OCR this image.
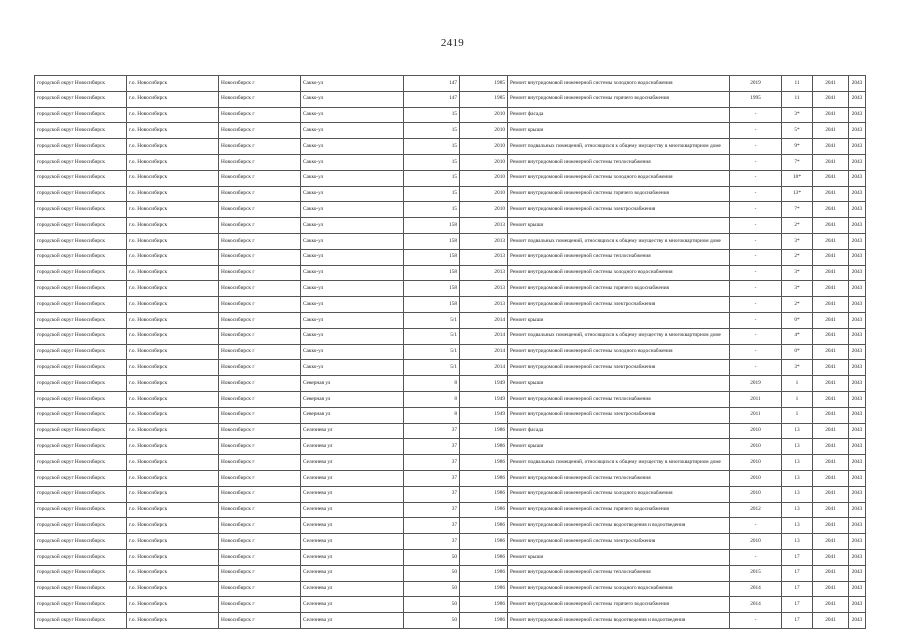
2419
городской округ Новосибирск	г.о. Новосибирск	Новосибирск г	Сакко-ул	147	1985	Ремонт внутридомовой инженерной системы холодного водоснабжения	2019	11	2041	2043
городской округ Новосибирск	г.о. Новосибирск	Новосибирск г	Сакко-ул	147	1985	Ремонт внутридомовой инженерной системы горячего водоснабжения	1995	11	2041	2043
городской округ Новосибирск	г.о. Новосибирск	Новосибирск г	Сакко-ул	15	2010	Ремонт фасада	-	3*	2041	2043
городской округ Новосибирск	г.о. Новосибирск	Новосибирск г	Сакко-ул	15	2010	Ремонт крыши	-	5*	2041	2043
городской округ Новосибирск	г.о. Новосибирск	Новосибирск г	Сакко-ул	15	2010	Ремонт подвальных помещений, относящихся к общему имуществу в многоквартирном доме	-	9*	2041	2043
городской округ Новосибирск	г.о. Новосибирск	Новосибирск г	Сакко-ул	15	2010	Ремонт внутридомовой инженерной системы теплоснабжения	-	7*	2041	2043
городской округ Новосибирск	г.о. Новосибирск	Новосибирск г	Сакко-ул	15	2010	Ремонт внутридомовой инженерной системы холодного водоснабжения	-	10*	2041	2043
городской округ Новосибирск	г.о. Новосибирск	Новосибирск г	Сакко-ул	15	2010	Ремонт внутридомовой инженерной системы горячего водоснабжения	-	13*	2041	2043
городской округ Новосибирск	г.о. Новосибирск	Новосибирск г	Сакко-ул	15	2010	Ремонт внутридомовой инженерной системы электроснабжения	-	7*	2041	2043
городской округ Новосибирск	г.о. Новосибирск	Новосибирск г	Сакко-ул	158	2013	Ремонт крыши	-	2*	2041	2043
городской округ Новосибирск	г.о. Новосибирск	Новосибирск г	Сакко-ул	158	2013	Ремонт подвальных помещений, относящихся к общему имуществу в многоквартирном доме	-	3*	2041	2043
городской округ Новосибирск	г.о. Новосибирск	Новосибирск г	Сакко-ул	158	2013	Ремонт внутридомовой инженерной системы теплоснабжения	-	2*	2041	2043
городской округ Новосибирск	г.о. Новосибирск	Новосибирск г	Сакко-ул	158	2013	Ремонт внутридомовой инженерной системы холодного водоснабжения	-	3*	2041	2043
городской округ Новосибирск	г.о. Новосибирск	Новосибирск г	Сакко-ул	158	2013	Ремонт внутридомовой инженерной системы горячего водоснабжения	-	3*	2041	2043
городской округ Новосибирск	г.о. Новосибирск	Новосибирск г	Сакко-ул	158	2013	Ремонт внутридомовой инженерной системы электроснабжения	-	2*	2041	2043
городской округ Новосибирск	г.о. Новосибирск	Новосибирск г	Сакко-ул	5/1	2014	Ремонт крыши	-	0*	2041	2043
городской округ Новосибирск	г.о. Новосибирск	Новосибирск г	Сакко-ул	5/1	2014	Ремонт подвальных помещений, относящихся к общему имуществу в многоквартирном доме	-	4*	2041	2043
городской округ Новосибирск	г.о. Новосибирск	Новосибирск г	Сакко-ул	5/1	2014	Ремонт внутридомовой инженерной системы холодного водоснабжения	-	0*	2041	2043
городской округ Новосибирск	г.о. Новосибирск	Новосибирск г	Сакко-ул	5/1	2014	Ремонт внутридомовой инженерной системы электроснабжения	-	3*	2041	2043
городской округ Новосибирск	г.о. Новосибирск	Новосибирск г	Северная ул	8	1949	Ремонт крыши	2019	1	2041	2043
городской округ Новосибирск	г.о. Новосибирск	Новосибирск г	Северная ул	8	1949	Ремонт внутридомовой инженерной системы теплоснабжения	2011	1	2041	2043
городской округ Новосибирск	г.о. Новосибирск	Новосибирск г	Северная ул	8	1949	Ремонт внутридомовой инженерной системы электроснабжения	2011	1	2041	2043
городской округ Новосибирск	г.о. Новосибирск	Новосибирск г	Селезнева ул	37	1986	Ремонт фасада	2010	13	2041	2043
городской округ Новосибирск	г.о. Новосибирск	Новосибирск г	Селезнева ул	37	1986	Ремонт крыши	2010	13	2041	2043
городской округ Новосибирск	г.о. Новосибирск	Новосибирск г	Селезнева ул	37	1986	Ремонт подвальных помещений, относящихся к общему имуществу в многоквартирном доме	2010	13	2041	2043
городской округ Новосибирск	г.о. Новосибирск	Новосибирск г	Селезнева ул	37	1986	Ремонт внутридомовой инженерной системы теплоснабжения	2010	13	2041	2043
городской округ Новосибирск	г.о. Новосибирск	Новосибирск г	Селезнева ул	37	1986	Ремонт внутридомовой инженерной системы холодного водоснабжения	2010	13	2041	2043
городской округ Новосибирск	г.о. Новосибирск	Новосибирск г	Селезнева ул	37	1986	Ремонт внутридомовой инженерной системы горячего водоснабжения	2012	13	2041	2043
городской округ Новосибирск	г.о. Новосибирск	Новосибирск г	Селезнева ул	37	1986	Ремонт внутридомовой инженерной системы водоотведения и водоотведения	-	13	2041	2043
городской округ Новосибирск	г.о. Новосибирск	Новосибирск г	Селезнева ул	37	1986	Ремонт внутридомовой инженерной системы электроснабжения	2010	13	2041	2043
городской округ Новосибирск	г.о. Новосибирск	Новосибирск г	Селезнева ул	50	1986	Ремонт крыши	-	17	2041	2043
городской округ Новосибирск	г.о. Новосибирск	Новосибирск г	Селезнева ул	50	1986	Ремонт внутридомовой инженерной системы теплоснабжения	2015	17	2041	2043
городской округ Новосибирск	г.о. Новосибирск	Новосибирск г	Селезнева ул	50	1986	Ремонт внутридомовой инженерной системы холодного водоснабжения	2014	17	2041	2043
городской округ Новосибирск	г.о. Новосибирск	Новосибирск г	Селезнева ул	50	1986	Ремонт внутридомовой инженерной системы горячего водоснабжения	2014	17	2041	2043
городской округ Новосибирск	г.о. Новосибирск	Новосибирск г	Селезнева ул	50	1986	Ремонт внутридомовой инженерной системы водоотведения и водоотведения	-	17	2041	2043
